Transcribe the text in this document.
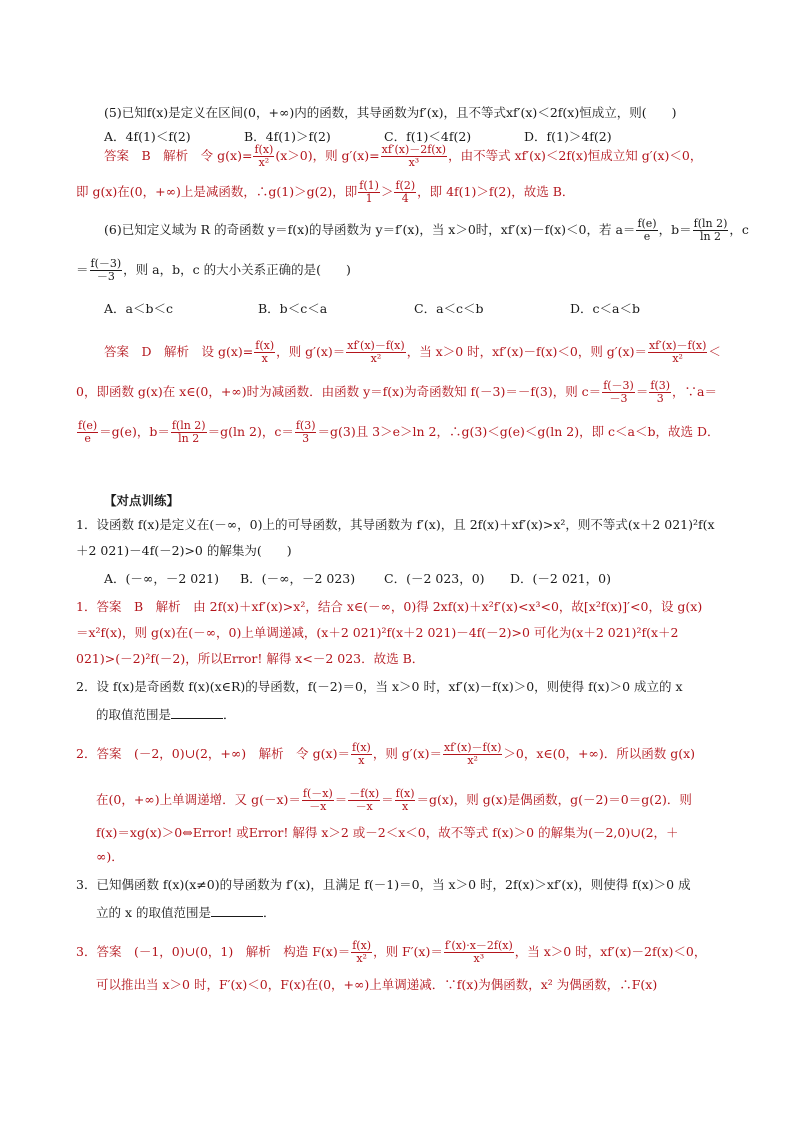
(5)已知f(x)是定义在区间(0，+∞)内的函数，其导函数为f′(x)，且不等式xf′(x)＜2f(x)恒成立，则(　　)
A．4f(1)＜f(2)	B．4f(1)＞f(2)	C．f(1)＜4f(2)	D．f(1)＞4f(2)
答案　B　解析　令 $g(x)= \frac{f(x)}{\text{x²}} (x>0)$，则 $g'(x)= \frac{xf'(x)-2f(x)}{\text{x³}}$ ，由不等式 xf′(x)＜2f(x)恒成立知 g′(x)＜0，
即 g(x)在(0，+∞)上是减函数，∴g(1)＞g(2)，即 $\frac{f(1)}{1} > \frac{f(2)}{4}$ ，即 4f(1)＞f(2)，故选 B．
(6)已知定义域为 R 的奇函数 y＝f(x)的导函数为 y＝f′(x)，当 x＞0时，xf′(x)－f(x)＜0，若 $a= \frac{f(e)}{e}$ ，$b= \frac{f(\ln 2)}{\ln 2}$ ，c
＝ $\frac{f(-3)}{-3}$ ，则 a，b，c 的大小关系正确的是(　　)
A．a＜b＜c	B．b＜c＜a	C．a＜c＜b	D．c＜a＜b
答案　D　解析　设 $g(x)= \frac{f(x)}{x}$ ，则 $g'(x)= \frac{xf'(x)-f(x)}{\text{x²}}$ ，当 x＞0 时，xf′(x)－f(x)＜0，则 $g'(x)= \frac{xf'(x)-f(x)}{\text{x²}}$ ＜
0，即函数 g(x)在 x∈(0，+∞)时为减函数．由函数 y＝f(x)为奇函数知 f(－3)＝－f(3)，则 $c= \frac{f(-3)}{-3} = \frac{f(3)}{3}$ ，∵a＝
$\frac{f(e)}{e} =g(e)$，$b= \frac{f(\ln 2)}{\ln 2} =g(\ln$ 2)，$c= \frac{f(3)}{3} =g(3)$且 3＞e＞ln 2，∴g(3)＜g(e)＜g(ln 2)，即 c＜a＜b，故选 D．
【对点训练】
1．设函数 f(x)是定义在(－∞，0)上的可导函数，其导函数为 f′(x)，且 2f(x)＋xf′(x)>x²，则不等式(x＋2 021)²f(x
＋2 021)－4f(－2)>0 的解集为(　　)
A．(－∞，－2 021) B．(－∞，－2 023) C．(－2 023，0) D．(－2 021，0)
1．答案　B　解析　由 2f(x)＋xf′(x)>x²，结合 x∈(－∞，0)得 2xf(x)＋x²f′(x)<x³<0，故[x²f(x)]′<0，设 g(x)
＝x²f(x)，则 g(x)在(－∞，0)上单调递减，(x＋2 021)²f(x＋2 021)－4f(－2)>0 可化为(x＋2 021)²f(x＋2
021)>(－2)²f(－2)，所以Error! 解得 x<－2 023．故选 B．
2．设 f(x)是奇函数 f(x)(x∈R)的导函数，f(－2)＝0，当 x＞0 时，xf′(x)－f(x)＞0，则使得 f(x)＞0 成立的 x
的取值范围是	．
2．答案　(－2，0)∪(2，+∞)　解析　令 $g(x)= \frac{f(x)}{x}$ ，则 $g'(x)= \frac{xf'(x)-f(x)}{\text{x²}} >0$，x∈(0，+∞)．所以函数 g(x)
在(0，+∞)上单调递增．又 $g(-x)= \frac{f(-x)}{-x} = \frac{-f(x)}{-x} = \frac{f(x)}{x} =g(x)$，则 g(x)是偶函数，g(－2)＝0＝g(2)．则
f(x)＝xg(x)＞0⇔Error! 或Error! 解得 x＞2 或－2＜x＜0，故不等式 f(x)＞0 的解集为(－2,0)∪(2，＋
∞)．
3．已知偶函数 f(x)(x≠0)的导函数为 f′(x)，且满足 f(－1)＝0，当 x＞0 时，2f(x)＞xf′(x)，则使得 f(x)＞0 成
立的 x 的取值范围是	．
3．答案　(－1，0)∪(0，1)　解析　构造 $F(x)= \frac{f(x)}{\text{x²}}$ ，则 $F'(x)= \frac{f'(x)\cdot x-2f(x)}{\text{x³}}$ ，当 x＞0 时，xf′(x)－2f(x)＜0，
可以推出当 x＞0 时，F′(x)＜0，F(x)在(0，+∞)上单调递减．∵f(x)为偶函数，x² 为偶函数，∴F(x)
